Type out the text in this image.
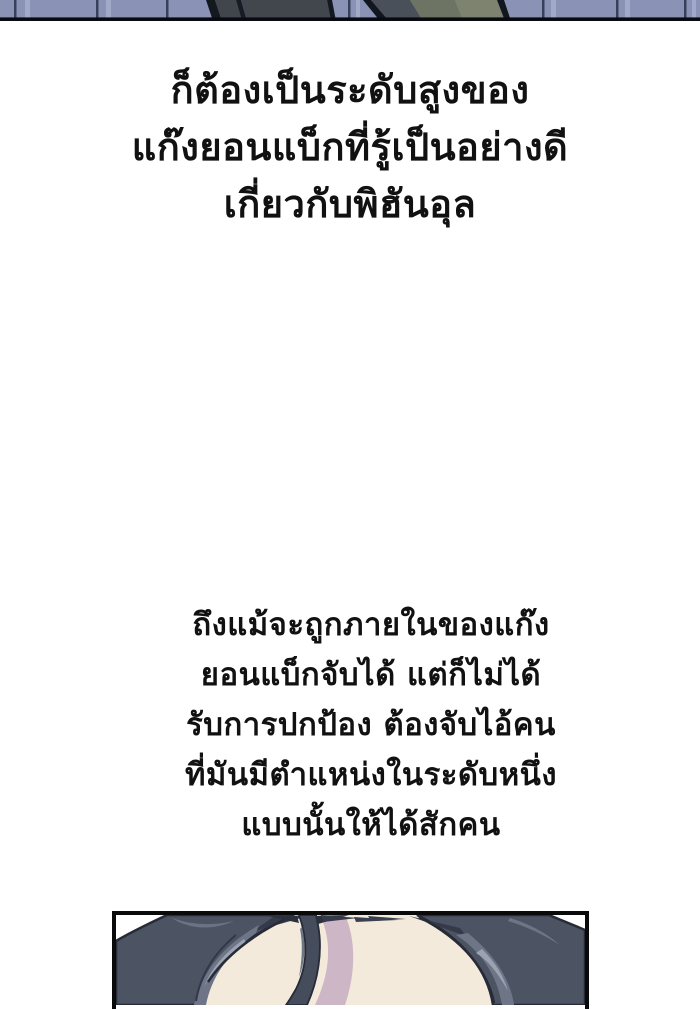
ก็ต้องเป็นระดับสูงของ
แก๊งยอนแบ็กที่รู้เป็นอย่างดี
เกี่ยวกับพิฮันอุล
ถึงแม้จะถูกภายในของแก๊ง
ยอนแบ็กจับได้ แต่ก็ไม่ได้
รับการปกป้อง ต้องจับไอ้คน
ที่มันมีตำแหน่งในระดับหนึ่ง
แบบนั้นให้ได้สักคน
